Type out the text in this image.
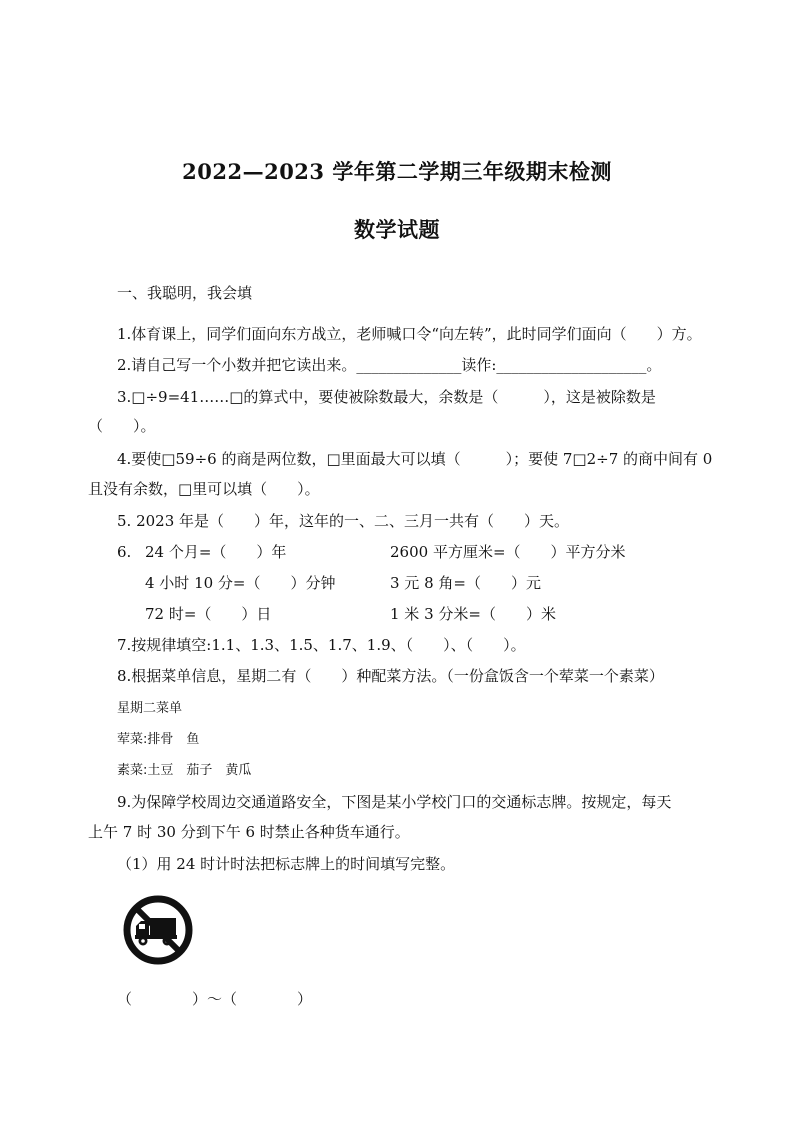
2022—2023 学年第二学期三年级期末检测
数学试题
一、我聪明，我会填
1.体育课上，同学们面向东方战立，老师喊口令“向左转”，此时同学们面向（　　）方。
2.请自己写一个小数并把它读出来。______________读作:____________________。
3.□÷9=41……□的算式中，要使被除数最大，余数是（　　　），这是被除数是
（　　）。
4.要使□59÷6 的商是两位数，□里面最大可以填（　　　）；要使 7□2÷7 的商中间有 0
且没有余数，□里可以填（　　）。
5. 2023 年是（　　）年，这年的一、二、三月一共有（　　）天。
6. 24 个月=（　　）年	2600 平方厘米=（　　）平方分米
4 小时 10 分=（　　）分钟	3 元 8 角=（　　）元
72 时=（　　）日	1 米 3 分米=（　　）米
7.按规律填空:1.1、1.3、1.5、1.7、1.9、（　　）、（　　）。
8.根据菜单信息，星期二有（　　）种配菜方法。（一份盒饭含一个荤菜一个素菜）
星期二菜单
荤菜:排骨　鱼
素菜:土豆　茄子　黄瓜
9.为保障学校周边交通道路安全，下图是某小学校门口的交通标志牌。按规定，每天
上午 7 时 30 分到下午 6 时禁止各种货车通行。
（1）用 24 时计时法把标志牌上的时间填写完整。
（　　　　）～（　　　　）
